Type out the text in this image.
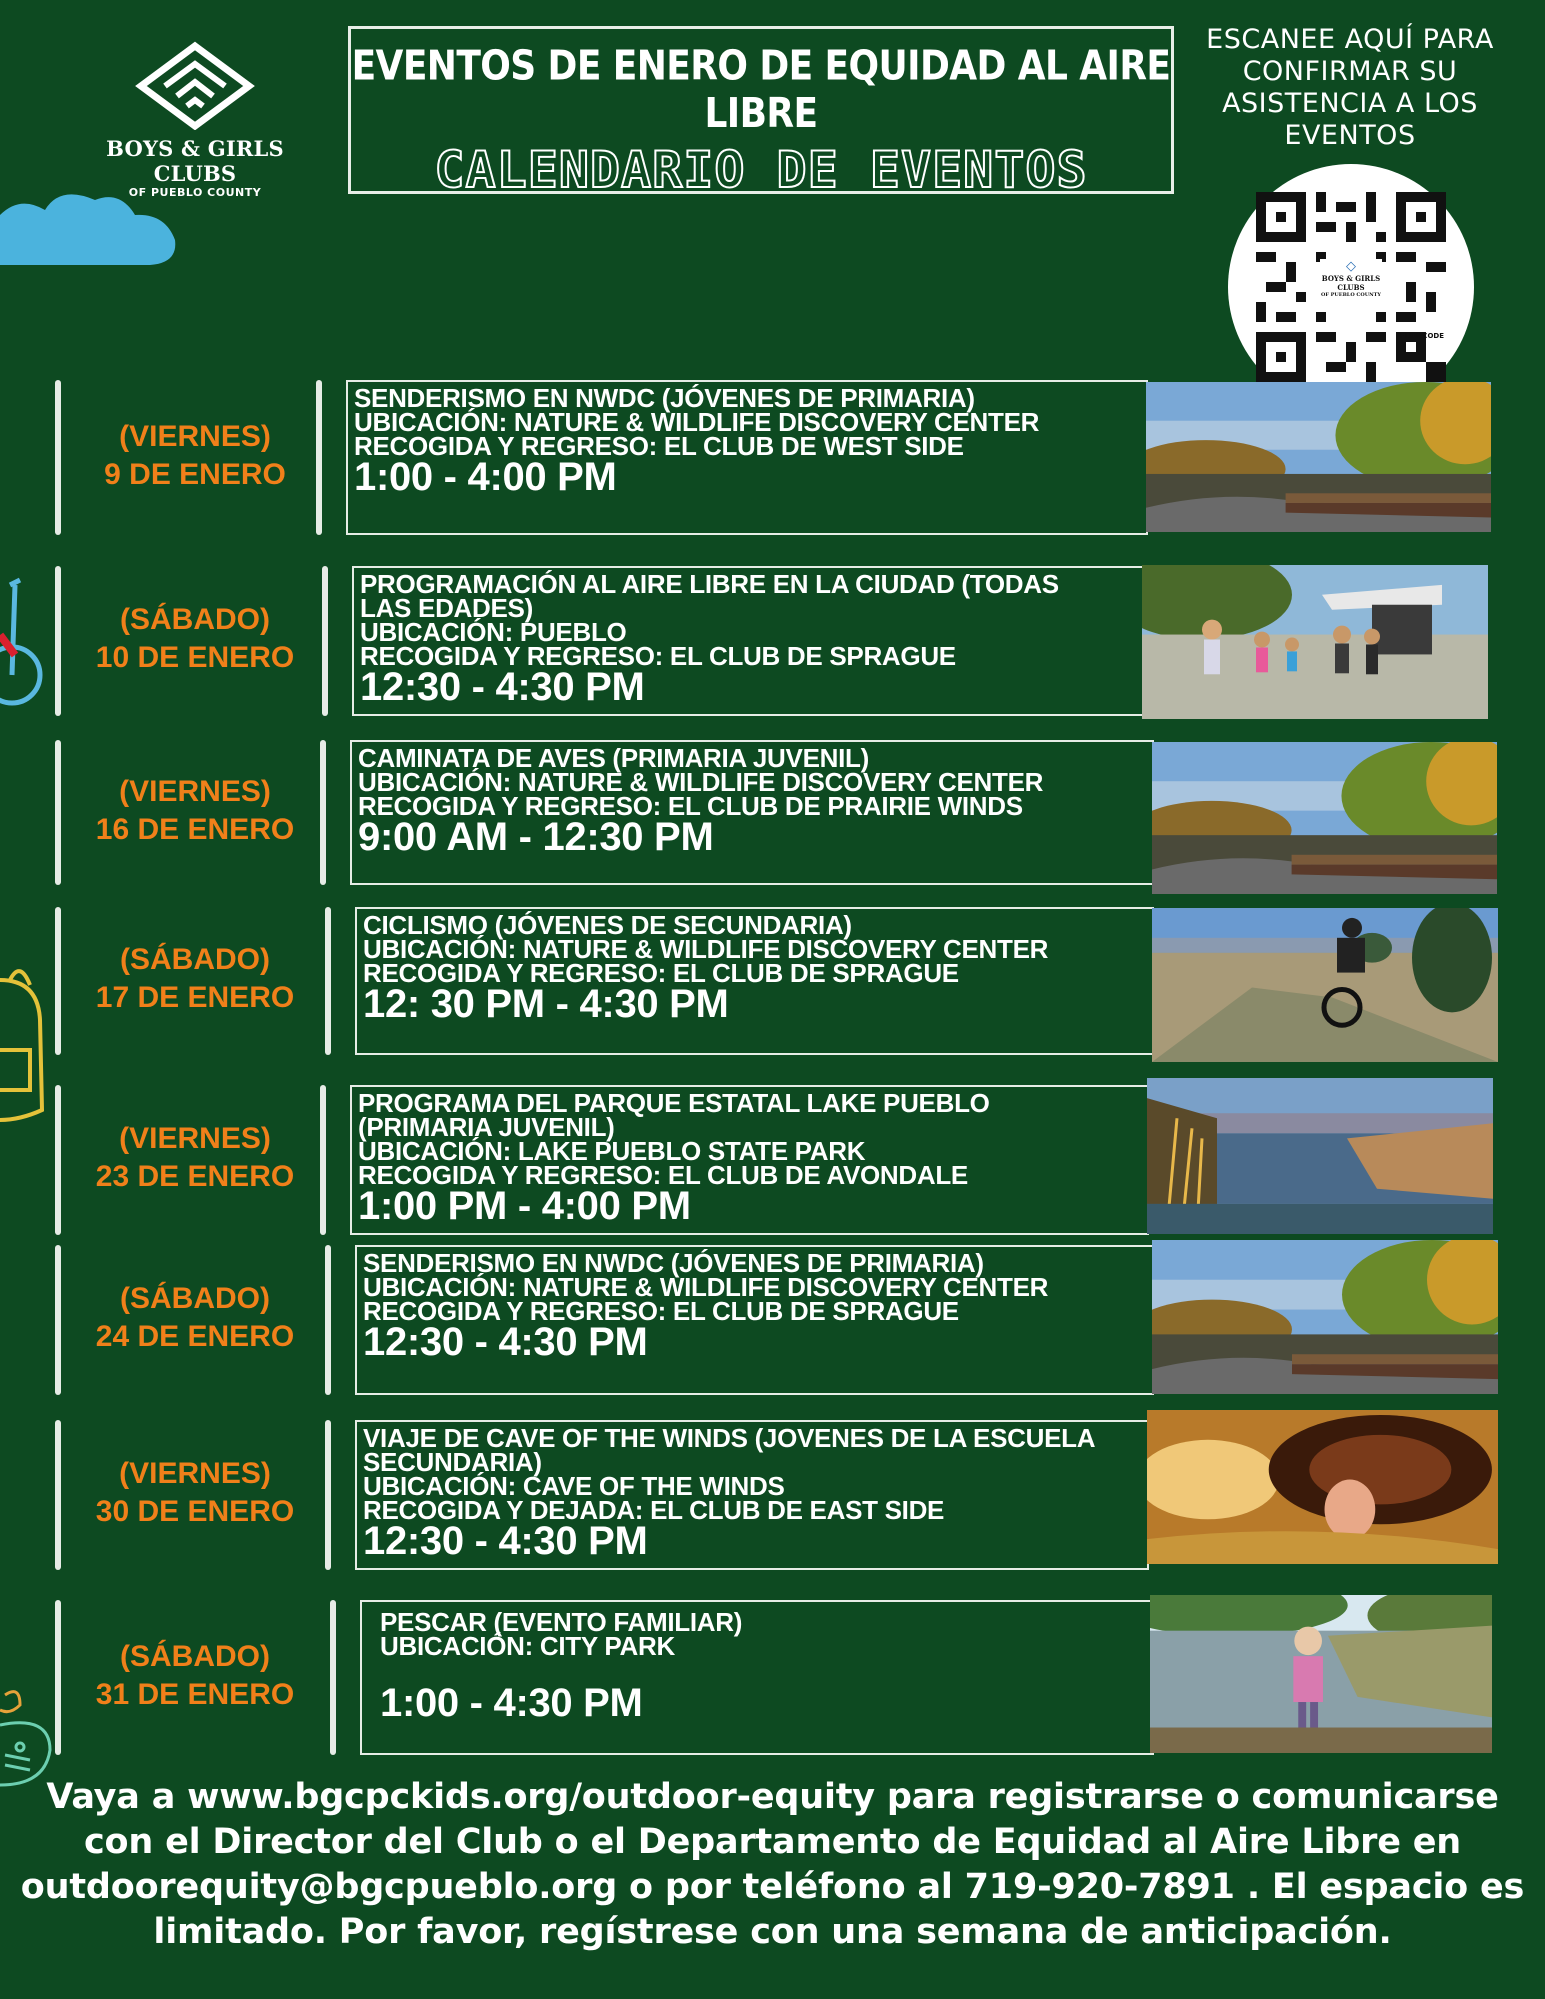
BOYS & GIRLS CLUBS
OF PUEBLO COUNTY
EVENTOS DE ENERO DE EQUIDAD AL AIRE LIBRE
CALENDARIO DE EVENTOS
ESCANEE AQUÍ PARA CONFIRMAR SU ASISTENCIA A LOS EVENTOS
◇
BOYS & GIRLS CLUBS
OF PUEBLO COUNTY
FLOWCODE
(VIERNES)
9 DE ENERO
SENDERISMO EN NWDC (JÓVENES DE PRIMARIA)
UBICACIÓN: NATURE & WILDLIFE DISCOVERY CENTER
RECOGIDA Y REGRESO: EL CLUB DE WEST SIDE
1:00 - 4:00 PM
(SÁBADO)
10 DE ENERO
PROGRAMACIÓN AL AIRE LIBRE EN LA CIUDAD (TODAS
LAS EDADES)
UBICACIÓN: PUEBLO
RECOGIDA Y REGRESO: EL CLUB DE SPRAGUE
12:30 - 4:30 PM
(VIERNES)
16 DE ENERO
CAMINATA DE AVES (PRIMARIA JUVENIL)
UBICACIÓN: NATURE & WILDLIFE DISCOVERY CENTER
RECOGIDA Y REGRESO: EL CLUB DE PRAIRIE WINDS
9:00 AM - 12:30 PM
(SÁBADO)
17 DE ENERO
CICLISMO (JÓVENES DE SECUNDARIA)
UBICACIÓN: NATURE & WILDLIFE DISCOVERY CENTER
RECOGIDA Y REGRESO: EL CLUB DE SPRAGUE
12: 30 PM - 4:30 PM
(VIERNES)
23 DE ENERO
PROGRAMA DEL PARQUE ESTATAL LAKE PUEBLO
(PRIMARIA JUVENIL)
UBICACIÓN: LAKE PUEBLO STATE PARK
RECOGIDA Y REGRESO: EL CLUB DE AVONDALE
1:00 PM - 4:00 PM
(SÁBADO)
24 DE ENERO
SENDERISMO EN NWDC (JÓVENES DE PRIMARIA)
UBICACIÓN: NATURE & WILDLIFE DISCOVERY CENTER
RECOGIDA Y REGRESO: EL CLUB DE SPRAGUE
12:30 - 4:30 PM
(VIERNES)
30 DE ENERO
VIAJE DE CAVE OF THE WINDS (JOVENES DE LA ESCUELA
SECUNDARIA)
UBICACIÓN: CAVE OF THE WINDS
RECOGIDA Y DEJADA: EL CLUB DE EAST SIDE
12:30 - 4:30 PM
(SÁBADO)
31 DE ENERO
PESCAR (EVENTO FAMILIAR)
UBICACIÓN: CITY PARK
1:00 - 4:30 PM
Vaya a www.bgcpckids.org/outdoor-equity para registrarse o comunicarse con el Director del Club o el Departamento de Equidad al Aire Libre en outdoorequity@bgcpueblo.org o por teléfono al 719-920-7891 . El espacio es limitado. Por favor, regístrese con una semana de anticipación.
